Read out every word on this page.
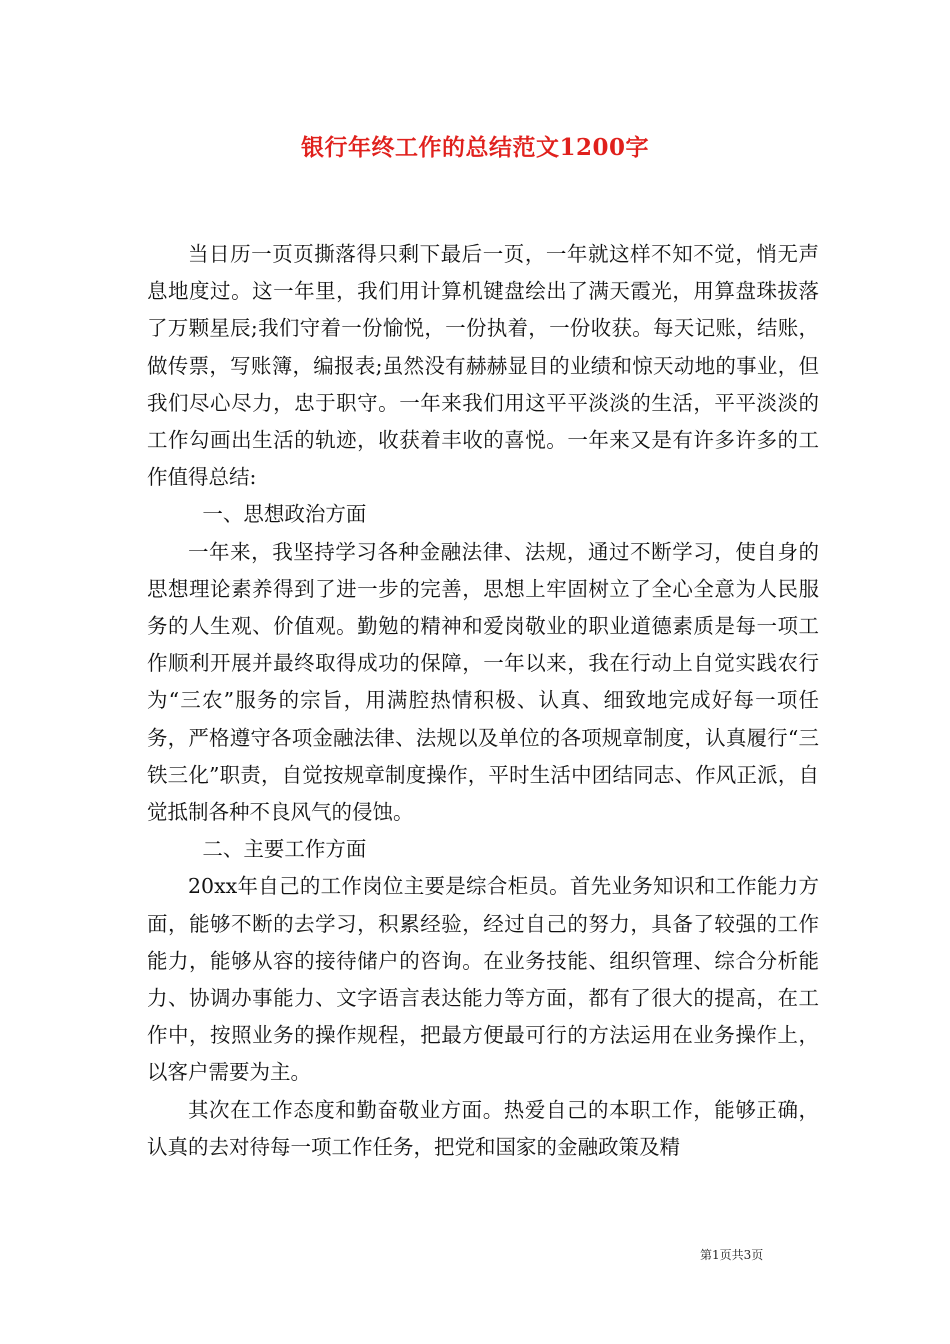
银行年终工作的总结范文1200字

当日历一页页撕落得只剩下最后一页，一年就这样不知不觉，悄无声息地度过。这一年里，我们用计算机键盘绘出了满天霞光，用算盘珠拔落了万颗星辰;我们守着一份愉悦，一份执着，一份收获。每天记账，结账，做传票，写账簿，编报表;虽然没有赫赫显目的业绩和惊天动地的事业，但我们尽心尽力，忠于职守。一年来我们用这平平淡淡的生活，平平淡淡的工作勾画出生活的轨迹，收获着丰收的喜悦。一年来又是有许多许多的工作值得总结:

一、思想政治方面

一年来，我坚持学习各种金融法律、法规，通过不断学习，使自身的思想理论素养得到了进一步的完善，思想上牢固树立了全心全意为人民服务的人生观、价值观。勤勉的精神和爱岗敬业的职业道德素质是每一项工作顺利开展并最终取得成功的保障，一年以来，我在行动上自觉实践农行为“三农”服务的宗旨，用满腔热情积极、认真、细致地完成好每一项任务，严格遵守各项金融法律、法规以及单位的各项规章制度，认真履行“三铁三化”职责，自觉按规章制度操作，平时生活中团结同志、作风正派，自觉抵制各种不良风气的侵蚀。

二、主要工作方面

20xx年自己的工作岗位主要是综合柜员。首先业务知识和工作能力方面，能够不断的去学习，积累经验，经过自己的努力，具备了较强的工作能力，能够从容的接待储户的咨询。在业务技能、组织管理、综合分析能力、协调办事能力、文字语言表达能力等方面，都有了很大的提高，在工作中，按照业务的操作规程，把最方便最可行的方法运用在业务操作上，以客户需要为主。

其次在工作态度和勤奋敬业方面。热爱自己的本职工作，能够正确，认真的去对待每一项工作任务，把党和国家的金融政策及精

第1页共3页
